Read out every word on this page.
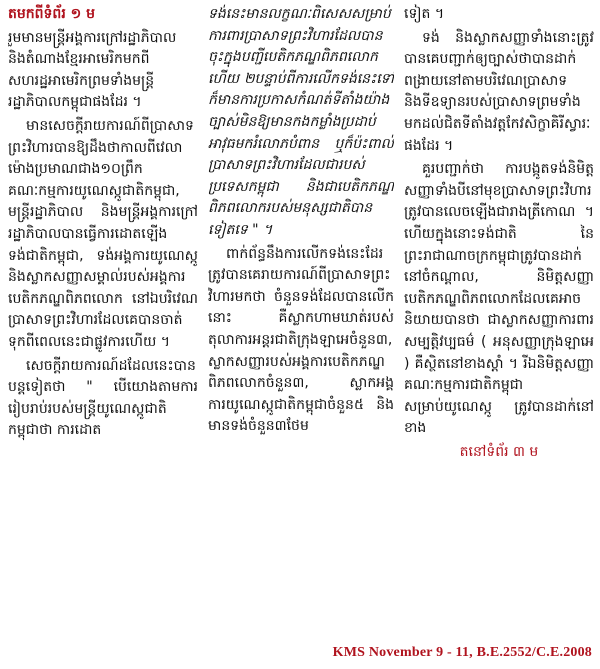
តមកពីទំព័រ ១ ម

រួមមានមន្ត្រីអង្គការក្រៅរដ្ឋាភិបាល និងតំណាងខ្មែរអាមេរិកមកពីសហរដ្ឋអាមេរិកព្រមទាំងមន្ត្រីរដ្ឋាភិបាលកម្ពុជាផងដែរ ។

មានសេចក្តីរាយការណ៍ពីប្រាសាទព្រះវិហារបានឱ្យដឹងថាកាលពីវេលាម៉ោងប្រមាណជាង១០ព្រឹក គណៈកម្មការយូណេស្កូជាតិកម្ពុជា, មន្ត្រីរដ្ឋាភិបាល និងមន្ត្រីអង្គការក្រៅរដ្ឋាភិបាលបានធ្វើការដោតឡើងទង់ជាតិកម្ពុជា, ទង់អង្គការយូណេស្កូ និងស្លាកសញ្ញាសម្គាល់របស់អង្គការបេតិកភណ្ឌពិភពលោក នៅឯបរិវេណប្រាសាទព្រះវិហារដែលគេបានចាត់ទុកពីពេលនេះជាផ្លូវការហើយ ។

សេចក្តីរាយការណ៍ដដែលនេះបានបន្តទៀតថា " បើយោងតាមការរៀបរាប់របស់មន្ត្រីយូណេស្កូជាតិកម្ពុជាថា ការដោត

ទង់នេះមានលក្ខណៈពិសេសសម្រាប់ការពារប្រាសាទព្រះវិហារដែលបានចុះក្នុងបញ្ជីបេតិកភណ្ឌពិភពលោកហើយ ២បន្ទាប់ពីការលើកទង់នេះទៅក៏មានការប្រកាសកំណត់ទីតាំងយ៉ាងច្បាស់មិនឱ្យមានកងកម្លាំងប្រដាប់អាវុធមករំលោភបំពាន ឬក៏ប៉ះពាល់ប្រាសាទព្រះវិហារដែលជារបស់ប្រទេសកម្ពុជា និងជាបេតិកភណ្ឌពិភពលោករបស់មនុស្សជាតិបានទៀតទេ " ។

ពាក់ព័ន្ធនឹងការលើកទង់នេះដែរ ត្រូវបានគេរាយការណ៍ពីប្រាសាទព្រះវិហារមកថា ចំនួនទង់ដែលបានលើកនោះ គឺស្លាកហាមឃាត់របស់តុលាការអន្តរជាតិក្រុងឡាអេចំនួន៣, ស្លាកសញ្ញារបស់អង្គការបេតិកភណ្ឌពិភពលោកចំនួន៣, ស្លាកអង្គការយូណេស្កូជាតិកម្ពុជាចំនួន៥ និងមានទង់ចំនួន៣ថែម

ទៀត ។

ទង់ និងស្លាកសញ្ញាទាំងនោះត្រូវបានគេបញ្ជាក់ឲ្យច្បាស់ថាបានដាក់ពង្រាយនៅតាមបរិវេណប្រាសាទ និងទីឧទ្យានរបស់ប្រាសាទព្រមទាំងមកដល់ជិតទីតាំងវត្តកែវសិក្ខាគិរីស្វារៈផងដែរ ។

គួរបញ្ជាក់ថា ការបង្កូតទង់និមិត្តសញ្ញាទាំងបីនៅមុខប្រាសាទព្រះវិហារត្រូវបានលេចឡើងជារាងត្រីកោណ ។ ហើយក្នុងនោះទង់ជាតិ នៃព្រះរាជាណាចក្រកម្ពុជាត្រូវបានដាក់នៅចំកណ្តាល, និមិត្តសញ្ញាបេតិកភណ្ឌពិភពលោកដែលគេអាចនិយាយបានថា ជាស្លាកសញ្ញាការពារសម្បត្តិវប្បធម៌ ( អនុសញ្ញាក្រុងឡាអេ ) គឺស្ថិតនៅខាងស្តាំ ។ រីឯនិមិត្តសញ្ញាគណៈកម្មការជាតិកម្ពុជាសម្រាប់យូណេស្កូ ត្រូវបានដាក់នៅខាង

តនៅទំព័រ ៣ ម
KMS November 9 - 11, B.E.2552/C.E.2008
